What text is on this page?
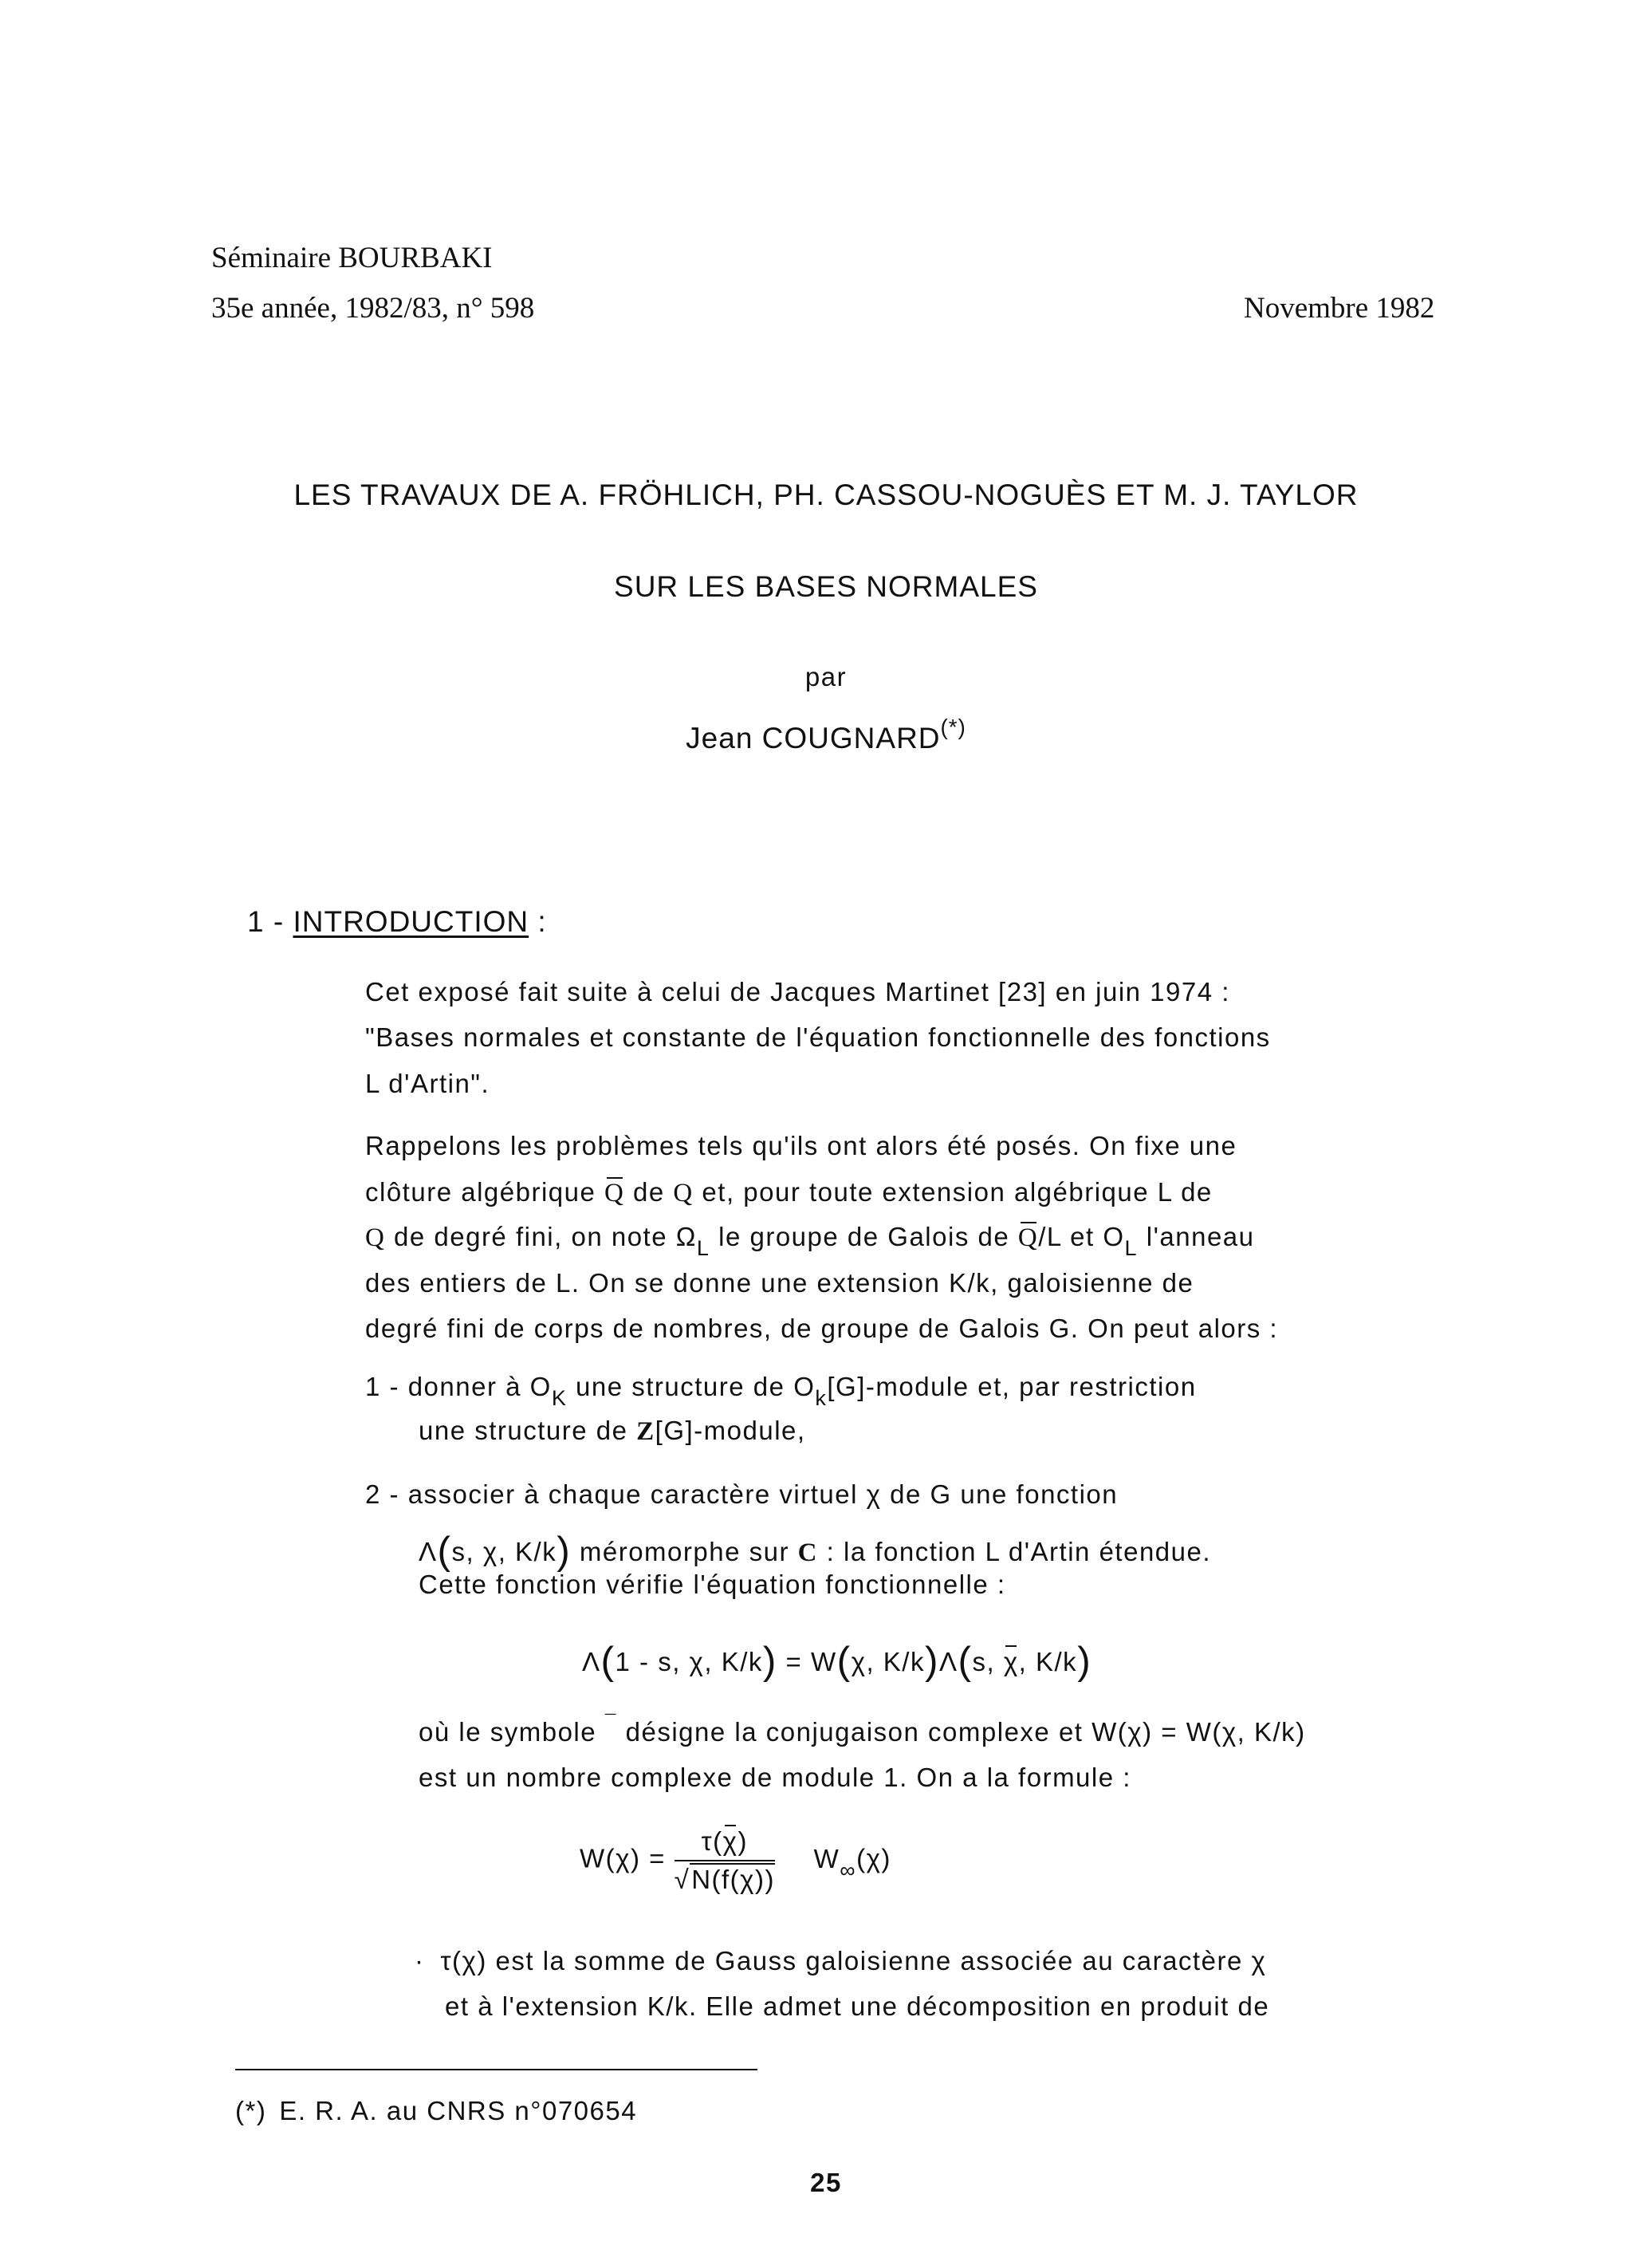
Séminaire BOURBAKI
35e année, 1982/83, n° 598	Novembre 1982
LES TRAVAUX DE A. FRÖHLICH, PH. CASSOU-NOGUÈS ET M. J. TAYLOR
SUR LES BASES NORMALES
par
Jean COUGNARD(*)
1 - INTRODUCTION :
Cet exposé fait suite à celui de Jacques Martinet [23] en juin 1974 :
"Bases normales et constante de l'équation fonctionnelle des fonctions
L d'Artin".
Rappelons les problèmes tels qu'ils ont alors été posés. On fixe une
clôture algébrique Q de Q et, pour toute extension algébrique L de
Q de degré fini, on note $\Omega_L$ le groupe de Galois de Q/L et $O_L$ l'anneau
des entiers de L. On se donne une extension K/k, galoisienne de
degré fini de corps de nombres, de groupe de Galois G. On peut alors :
1 - donner à $O_K$ une structure de $O_k[G]$-module et, par restriction
une structure de Z[G]-module,
2 - associer à chaque caractère virtuel χ de G une fonction
Λ(s, χ, K/k) méromorphe sur C : la fonction L d'Artin étendue.
Cette fonction vérifie l'équation fonctionnelle :
Λ(1 - s, χ, K/k) = W(χ, K/k)Λ(s, χ, K/k)
où le symbole ¯ désigne la conjugaison complexe et W(χ) = W(χ, K/k)
est un nombre complexe de module 1. On a la formule :
$W(\chi) = \frac{\tau(\chi)}{√N(f(\chi))} W_\infty(\chi)$
· τ(χ) est la somme de Gauss galoisienne associée au caractère χ
et à l'extension K/k. Elle admet une décomposition en produit de
(*) E. R. A. au CNRS n°070654
25
